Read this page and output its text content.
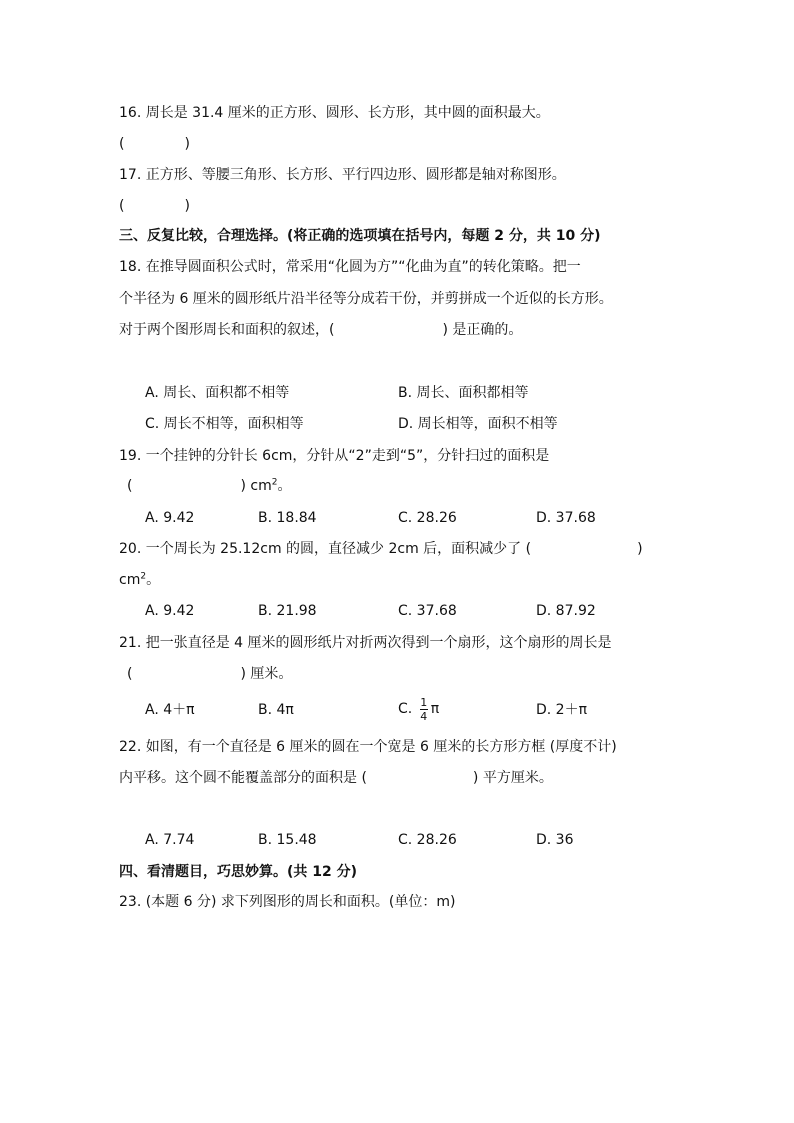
16. 周长是 31.4 厘米的正方形、圆形、长方形，其中圆的面积最大。
(	)
17. 正方形、等腰三角形、长方形、平行四边形、圆形都是轴对称图形。
(	)
三、反复比较，合理选择。(将正确的选项填在括号内，每题 2 分，共 10 分)
18. 在推导圆面积公式时，常采用“化圆为方”“化曲为直”的转化策略。把一
个半径为 6 厘米的圆形纸片沿半径等分成若干份，并剪拼成一个近似的长方形。
对于两个图形周长和面积的叙述，(	) 是正确的。
A. 周长、面积都不相等	B. 周长、面积都相等
C. 周长不相等，面积相等	D. 周长相等，面积不相等
19. 一个挂钟的分针长 6cm，分针从“2”走到“5”，分针扫过的面积是
(	) $cm^2$。
A. 9.42	B. 18.84	C. 28.26	D. 37.68
20. 一个周长为 25.12cm 的圆，直径减少 2cm 后，面积减少了 (	)
$cm^2$。
A. 9.42	B. 21.98	C. 37.68	D. 87.92
21. 把一张直径是 4 厘米的圆形纸片对折两次得到一个扇形，这个扇形的周长是
(	) 厘米。
A. 4＋π	B. 4π	C. $\frac{1}{4}$ π	D. 2＋π
22. 如图，有一个直径是 6 厘米的圆在一个宽是 6 厘米的长方形方框 (厚度不计)
内平移。这个圆不能覆盖部分的面积是 (	) 平方厘米。
A. 7.74	B. 15.48	C. 28.26	D. 36
四、看清题目，巧思妙算。(共 12 分)
23. (本题 6 分) 求下列图形的周长和面积。(单位：m)
